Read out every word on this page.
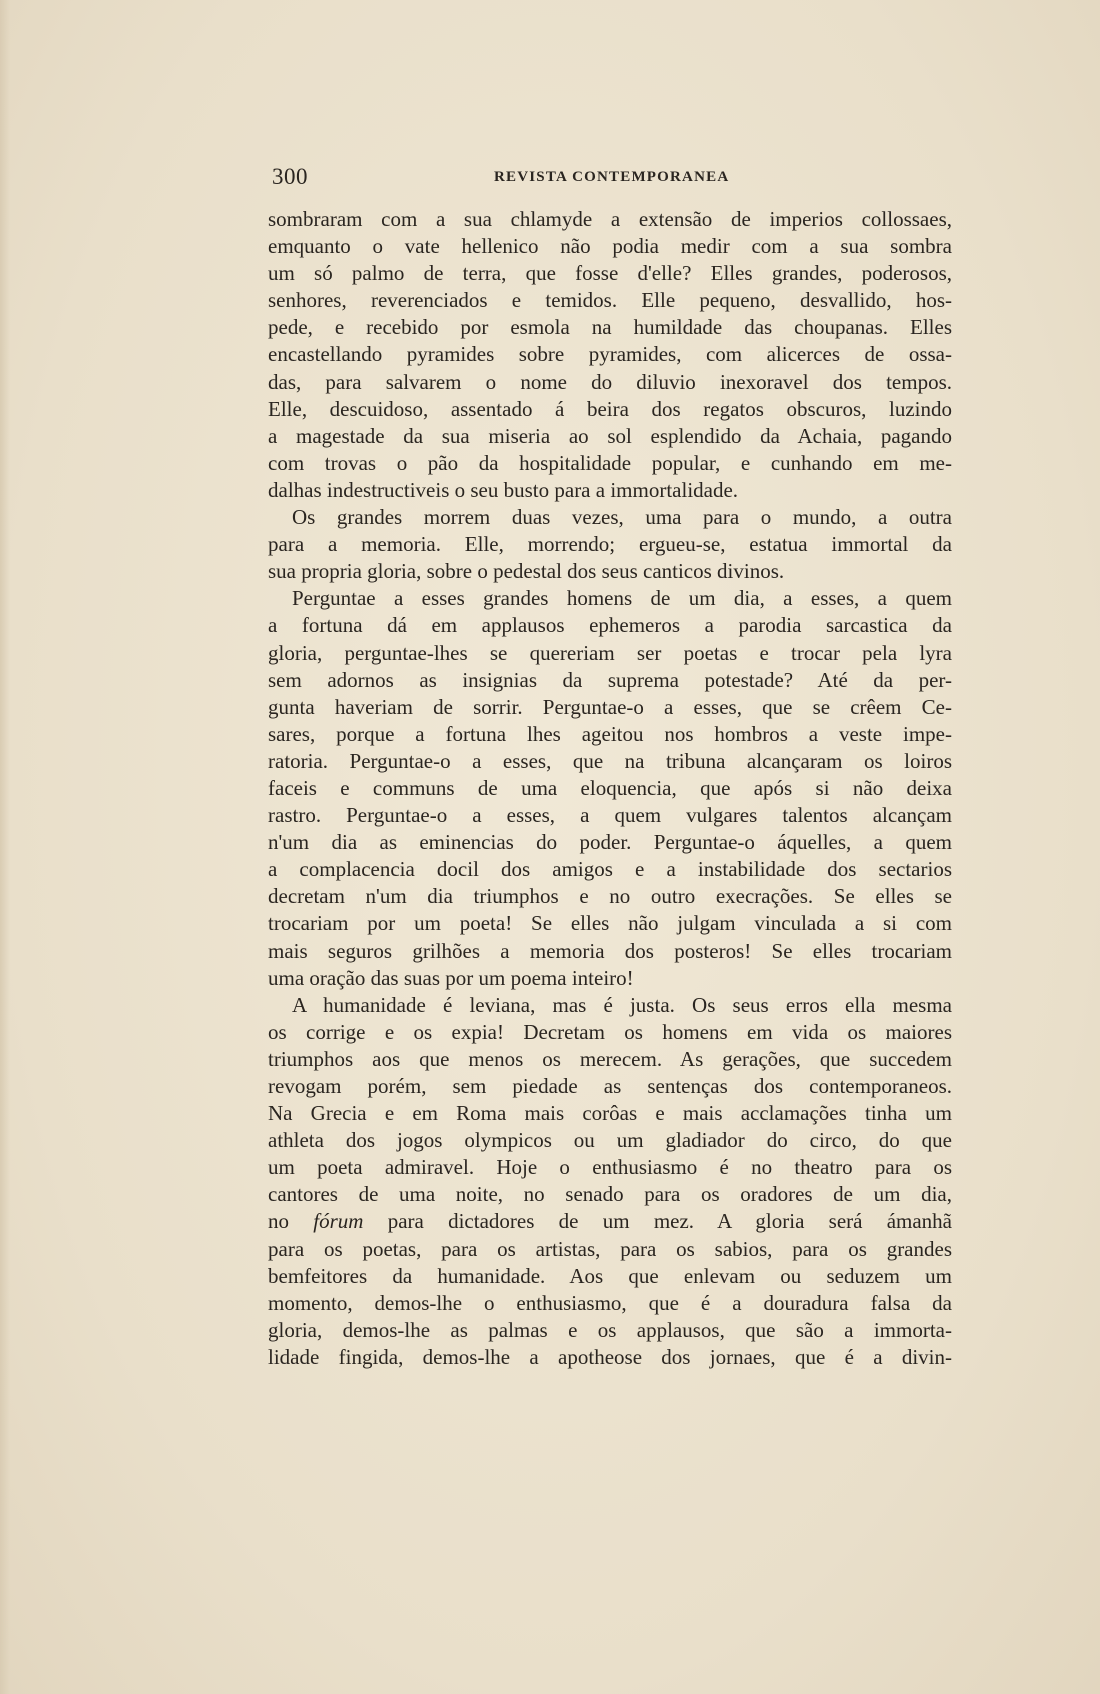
300	REVISTA CONTEMPORANEA
sombraram com a sua chlamyde a extensão de imperios collossaes,
emquanto o vate hellenico não podia medir com a sua sombra
um só palmo de terra, que fosse d'elle? Elles grandes, poderosos,
senhores, reverenciados e temidos. Elle pequeno, desvallido, hos-
pede, e recebido por esmola na humildade das choupanas. Elles
encastellando pyramides sobre pyramides, com alicerces de ossa-
das, para salvarem o nome do diluvio inexoravel dos tempos.
Elle, descuidoso, assentado á beira dos regatos obscuros, luzindo
a magestade da sua miseria ao sol esplendido da Achaia, pagando
com trovas o pão da hospitalidade popular, e cunhando em me-
dalhas indestructiveis o seu busto para a immortalidade.
Os grandes morrem duas vezes, uma para o mundo, a outra
para a memoria. Elle, morrendo; ergueu-se, estatua immortal da
sua propria gloria, sobre o pedestal dos seus canticos divinos.
Perguntae a esses grandes homens de um dia, a esses, a quem
a fortuna dá em applausos ephemeros a parodia sarcastica da
gloria, perguntae-lhes se quereriam ser poetas e trocar pela lyra
sem adornos as insignias da suprema potestade? Até da per-
gunta haveriam de sorrir. Perguntae-o a esses, que se crêem Ce-
sares, porque a fortuna lhes ageitou nos hombros a veste impe-
ratoria. Perguntae-o a esses, que na tribuna alcançaram os loiros
faceis e communs de uma eloquencia, que após si não deixa
rastro. Perguntae-o a esses, a quem vulgares talentos alcançam
n'um dia as eminencias do poder. Perguntae-o áquelles, a quem
a complacencia docil dos amigos e a instabilidade dos sectarios
decretam n'um dia triumphos e no outro execrações. Se elles se
trocariam por um poeta! Se elles não julgam vinculada a si com
mais seguros grilhões a memoria dos posteros! Se elles trocariam
uma oração das suas por um poema inteiro!
A humanidade é leviana, mas é justa. Os seus erros ella mesma
os corrige e os expia! Decretam os homens em vida os maiores
triumphos aos que menos os merecem. As gerações, que succedem
revogam porém, sem piedade as sentenças dos contemporaneos.
Na Grecia e em Roma mais corôas e mais acclamações tinha um
athleta dos jogos olympicos ou um gladiador do circo, do que
um poeta admiravel. Hoje o enthusiasmo é no theatro para os
cantores de uma noite, no senado para os oradores de um dia,
no fórum para dictadores de um mez. A gloria será ámanhã
para os poetas, para os artistas, para os sabios, para os grandes
bemfeitores da humanidade. Aos que enlevam ou seduzem um
momento, demos-lhe o enthusiasmo, que é a douradura falsa da
gloria, demos-lhe as palmas e os applausos, que são a immorta-
lidade fingida, demos-lhe a apotheose dos jornaes, que é a divin-
